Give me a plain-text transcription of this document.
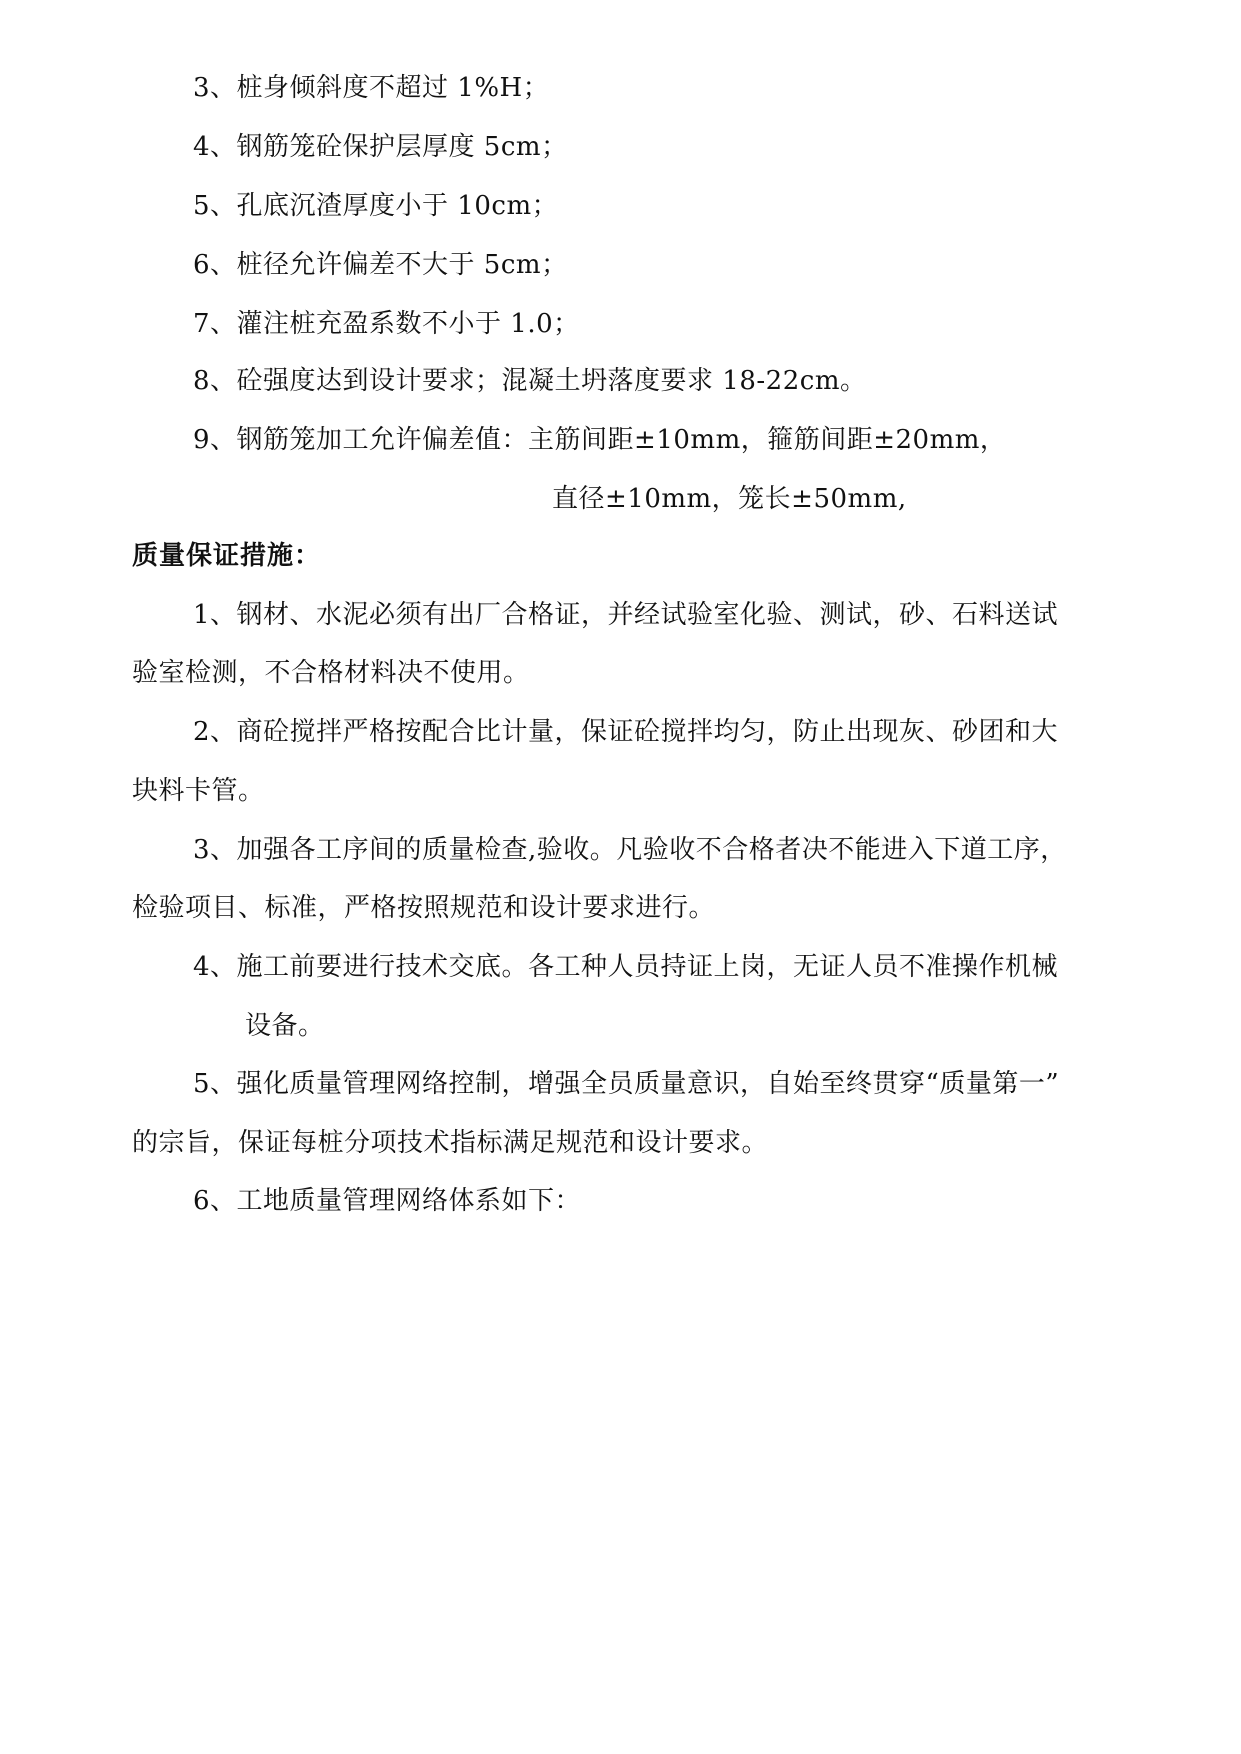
3、桩身倾斜度不超过 1%H；
4、钢筋笼砼保护层厚度 5cm；
5、孔底沉渣厚度小于 10cm；
6、桩径允许偏差不大于 5cm；
7、灌注桩充盈系数不小于 1.0；
8、砼强度达到设计要求；混凝土坍落度要求 18-22cm。
9、钢筋笼加工允许偏差值：主筋间距±10mm，箍筋间距±20mm，
直径±10mm，笼长±50mm,
质量保证措施：
1、钢材、水泥必须有出厂合格证，并经试验室化验、测试，砂、石料送试
验室检测，不合格材料决不使用。
2、商砼搅拌严格按配合比计量，保证砼搅拌均匀，防止出现灰、砂团和大
块料卡管。
3、加强各工序间的质量检查,验收。凡验收不合格者决不能进入下道工序，
检验项目、标准，严格按照规范和设计要求进行。
4、施工前要进行技术交底。各工种人员持证上岗，无证人员不准操作机械
设备。
5、强化质量管理网络控制，增强全员质量意识，自始至终贯穿“质量第一”
的宗旨，保证每桩分项技术指标满足规范和设计要求。
6、工地质量管理网络体系如下：
